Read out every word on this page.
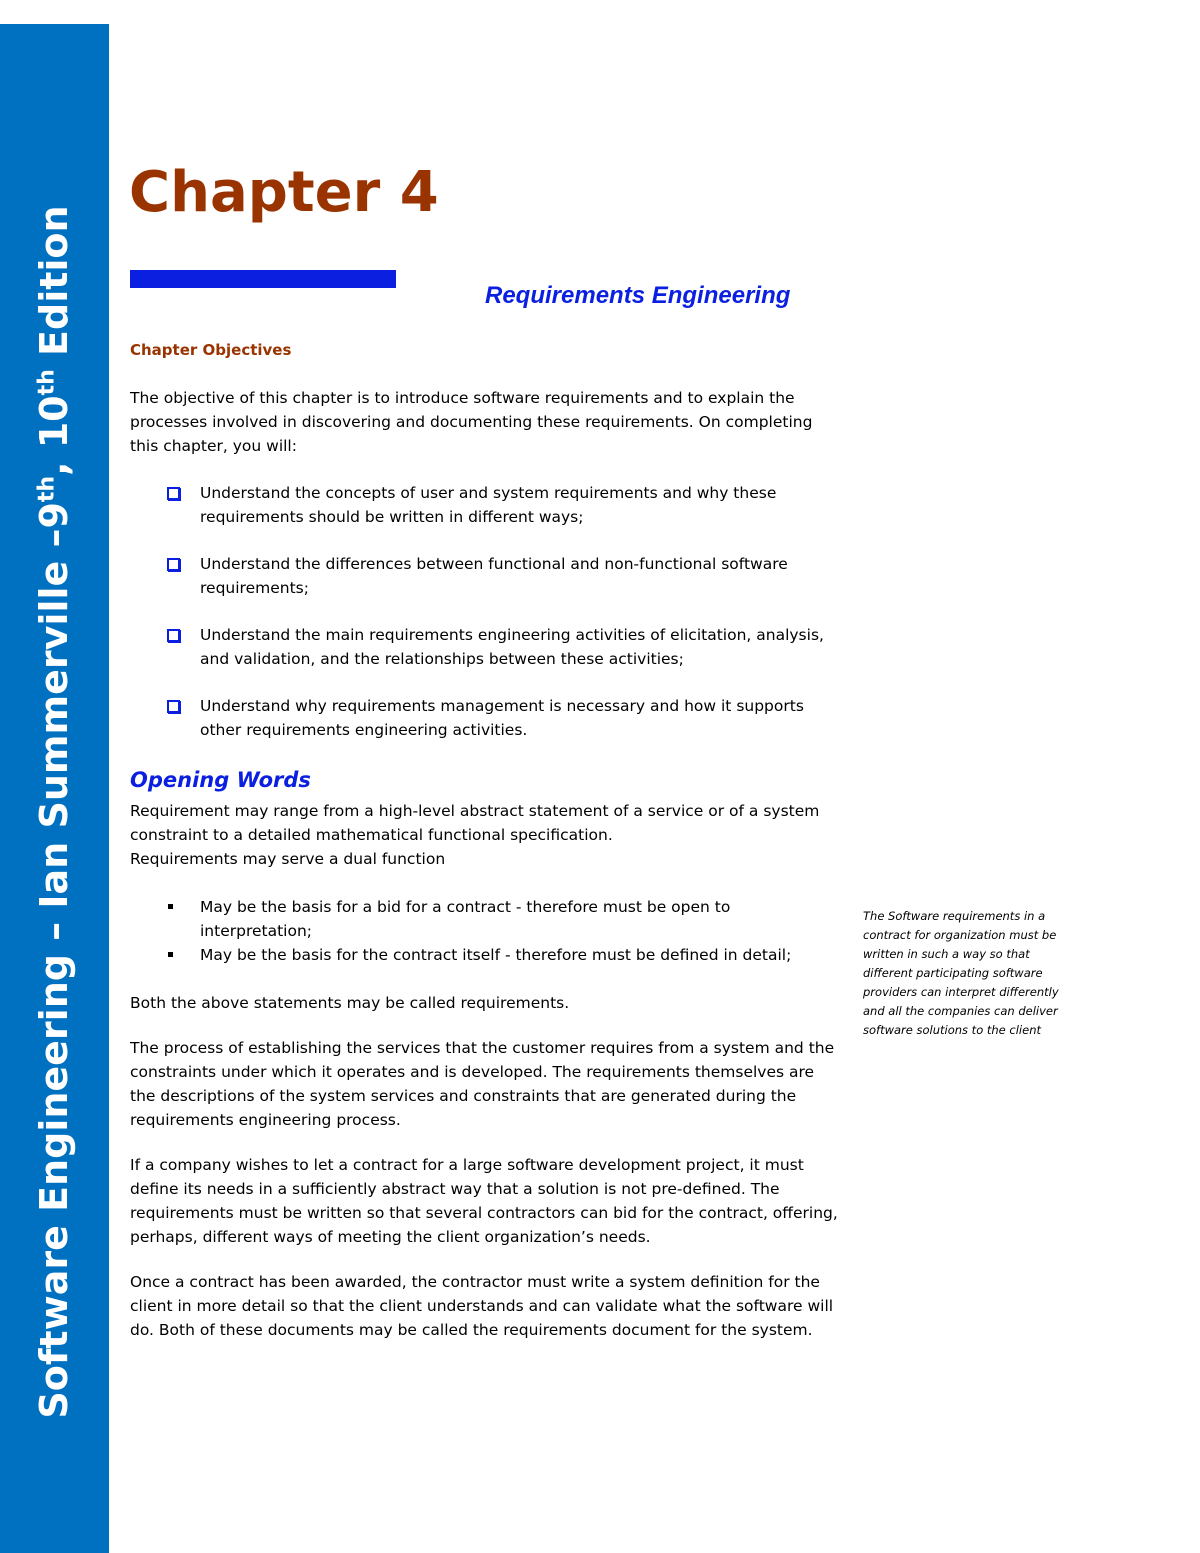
Software Engineering – Ian Summerville –9th, 10th Edition
Chapter 4
Requirements Engineering

Chapter Objectives

The objective of this chapter is to introduce software requirements and to explain the processes involved in discovering and documenting these requirements. On completing this chapter, you will:

Understand the concepts of user and system requirements and why these requirements should be written in different ways;
Understand the differences between functional and non-functional software requirements;
Understand the main requirements engineering activities of elicitation, analysis, and validation, and the relationships between these activities;
Understand why requirements management is necessary and how it supports other requirements engineering activities.
Opening Words

Requirement may range from a high-level abstract statement of a service or of a system constraint to a detailed mathematical functional specification.

Requirements may serve a dual function

May be the basis for a bid for a contract - therefore must be open to interpretation;
May be the basis for the contract itself - therefore must be defined in detail;

Both the above statements may be called requirements.

The process of establishing the services that the customer requires from a system and the constraints under which it operates and is developed. The requirements themselves are the descriptions of the system services and constraints that are generated during the requirements engineering process.

If a company wishes to let a contract for a large software development project, it must define its needs in a sufficiently abstract way that a solution is not pre-defined. The requirements must be written so that several contractors can bid for the contract, offering, perhaps, different ways of meeting the client organization’s needs.

Once a contract has been awarded, the contractor must write a system definition for the client in more detail so that the client understands and can validate what the software will do. Both of these documents may be called the requirements document for the system.

The Software requirements in a contract for organization must be written in such a way so that different participating software providers can interpret differently and all the companies can deliver software solutions to the client
